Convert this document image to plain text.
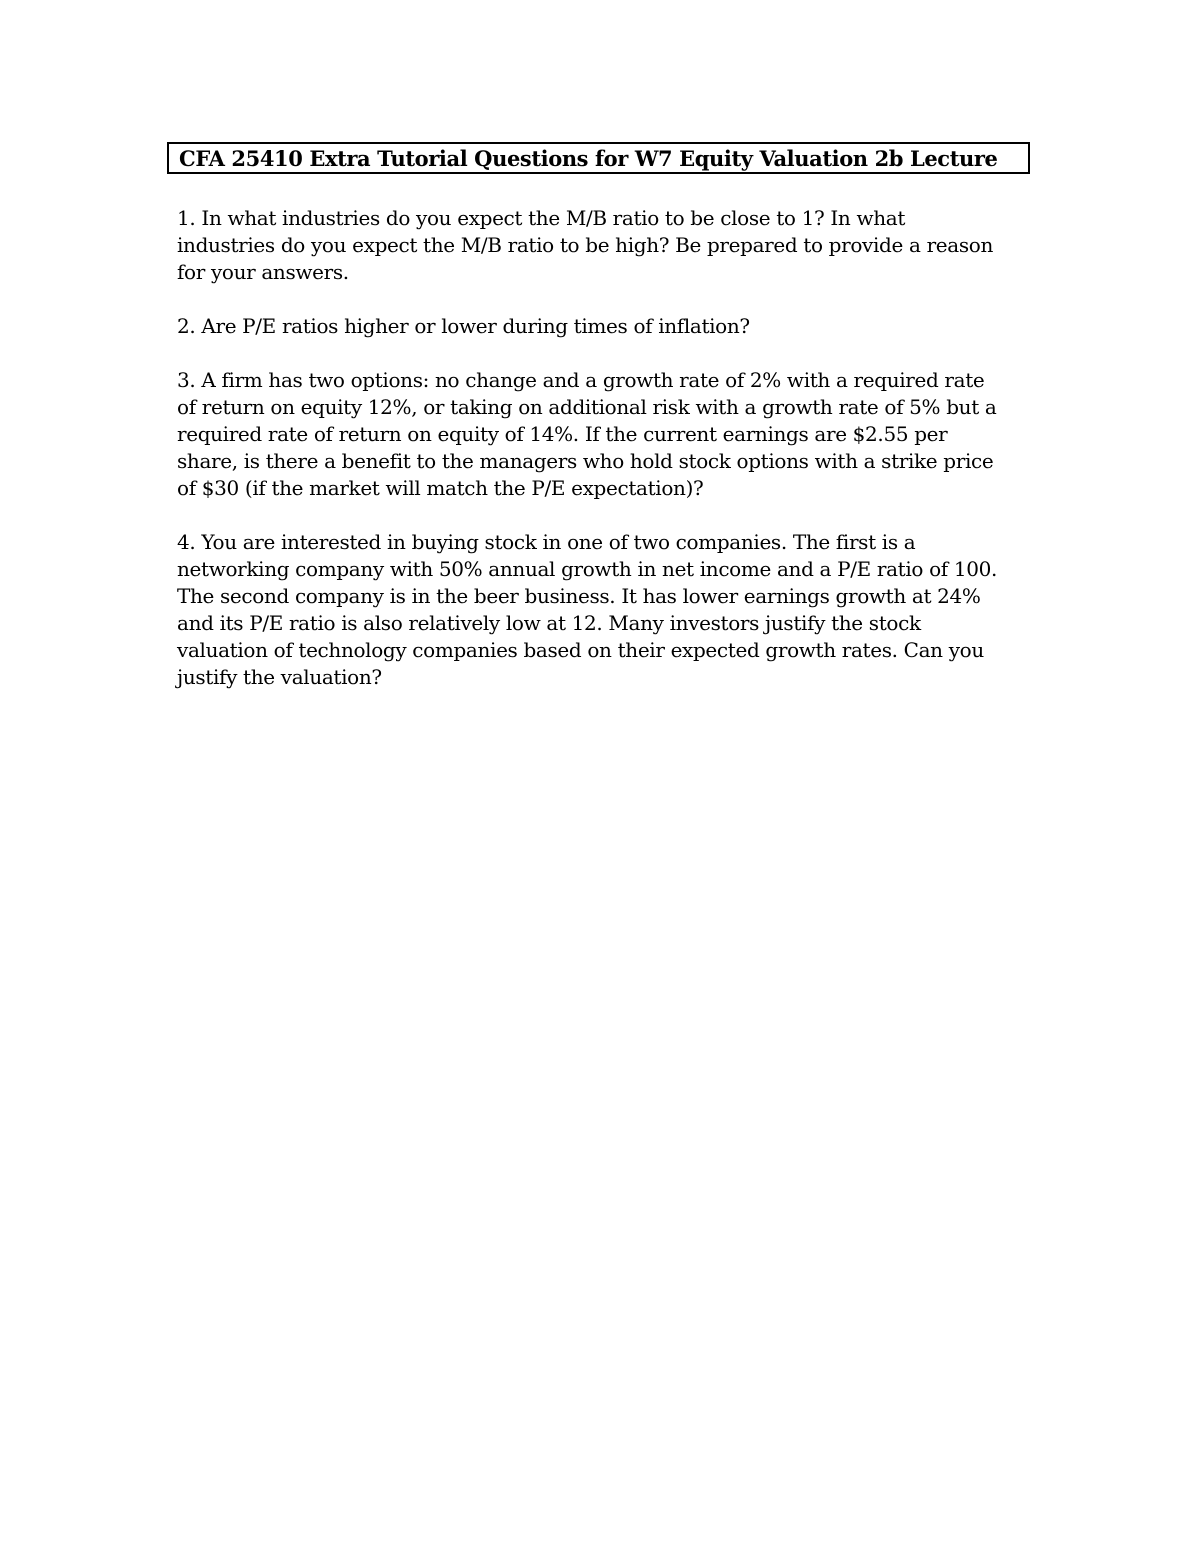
CFA 25410 Extra Tutorial Questions for W7 Equity Valuation 2b Lecture

1. In what industries do you expect the M/B ratio to be close to 1? In what

industries do you expect the M/B ratio to be high? Be prepared to provide a reason

for your answers.

2. Are P/E ratios higher or lower during times of inflation?

3. A firm has two options: no change and a growth rate of 2% with a required rate

of return on equity 12%, or taking on additional risk with a growth rate of 5% but a

required rate of return on equity of 14%. If the current earnings are $2.55 per

share, is there a benefit to the managers who hold stock options with a strike price

of $30 (if the market will match the P/E expectation)?

4. You are interested in buying stock in one of two companies. The first is a

networking company with 50% annual growth in net income and a P/E ratio of 100.

The second company is in the beer business. It has lower earnings growth at 24%

and its P/E ratio is also relatively low at 12. Many investors justify the stock

valuation of technology companies based on their expected growth rates. Can you

justify the valuation?
